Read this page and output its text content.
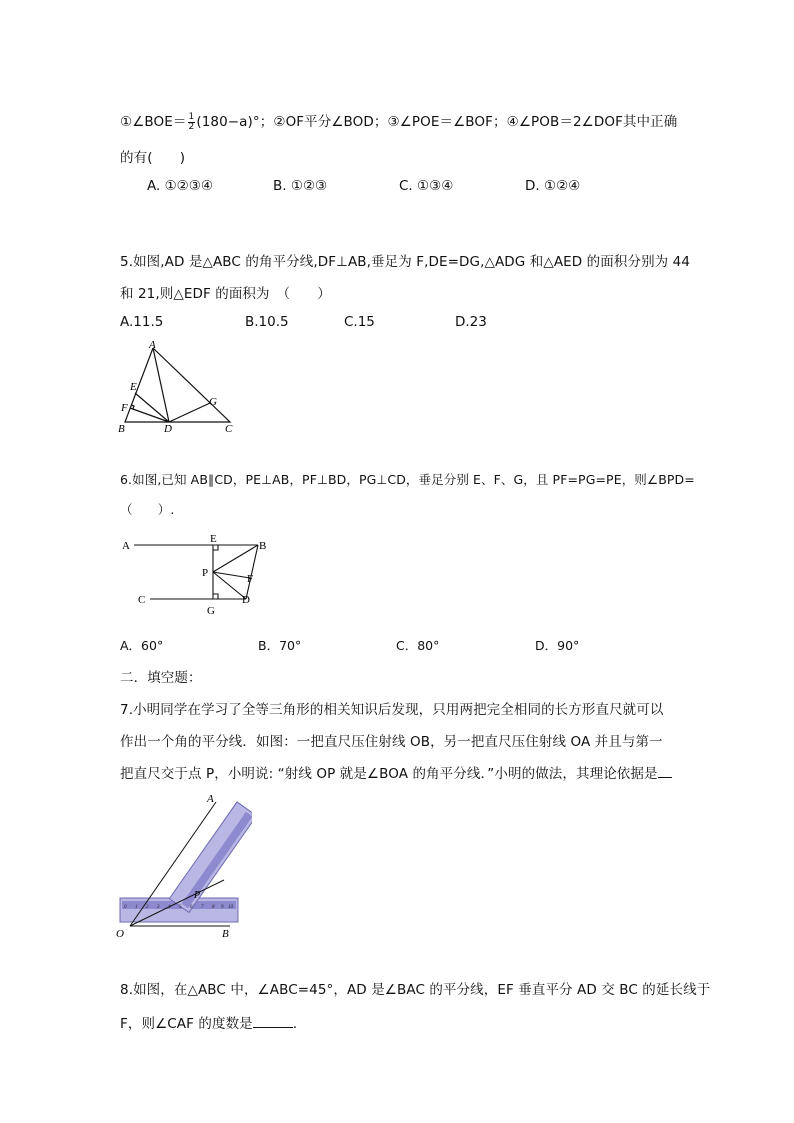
①∠BOE＝ $\frac{1}{2} (180-a)^\circ$；②OF平分∠BOD；③∠POE＝∠BOF；④∠POB＝2∠DOF其中正确
的有(　　)
A. ①②③④	B. ①②③	C. ①③④	D. ①②④
5.如图,AD 是△ABC 的角平分线,DF⊥AB,垂足为 F,DE=DG,△ADG 和△AED 的面积分别为 44
和 21,则△EDF 的面积为　（　　）
A.11.5	B.10.5	C.15	D.23
A
E
F	G
B	D	C
6.如图,已知 AB∥CD，PE⊥AB，PF⊥BD，PG⊥CD，垂足分别 E、F、G，且 PF=PG=PE，则∠BPD=
（　　）.
A
E
B
P	F
C	D
G
A．60°	B．70°	C．80°	D．90°
二．填空题：
7.小明同学在学习了全等三角形的相关知识后发现，只用两把完全相同的长方形直尺就可以
作出一个角的平分线．如图：一把直尺压住射线 OB，另一把直尺压住射线 OA 并且与第一
把直尺交于点 P，小明说: “射线 OP 就是∠BOA 的角平分线．”小明的做法，其理论依据是
O	B
A
P
0 1 2 3 4 5 6 7 8 9 10
8.如图，在△ABC 中，∠ABC=45°，AD 是∠BAC 的平分线，EF 垂直平分 AD 交 BC 的延长线于
F，则∠CAF 的度数是	.
